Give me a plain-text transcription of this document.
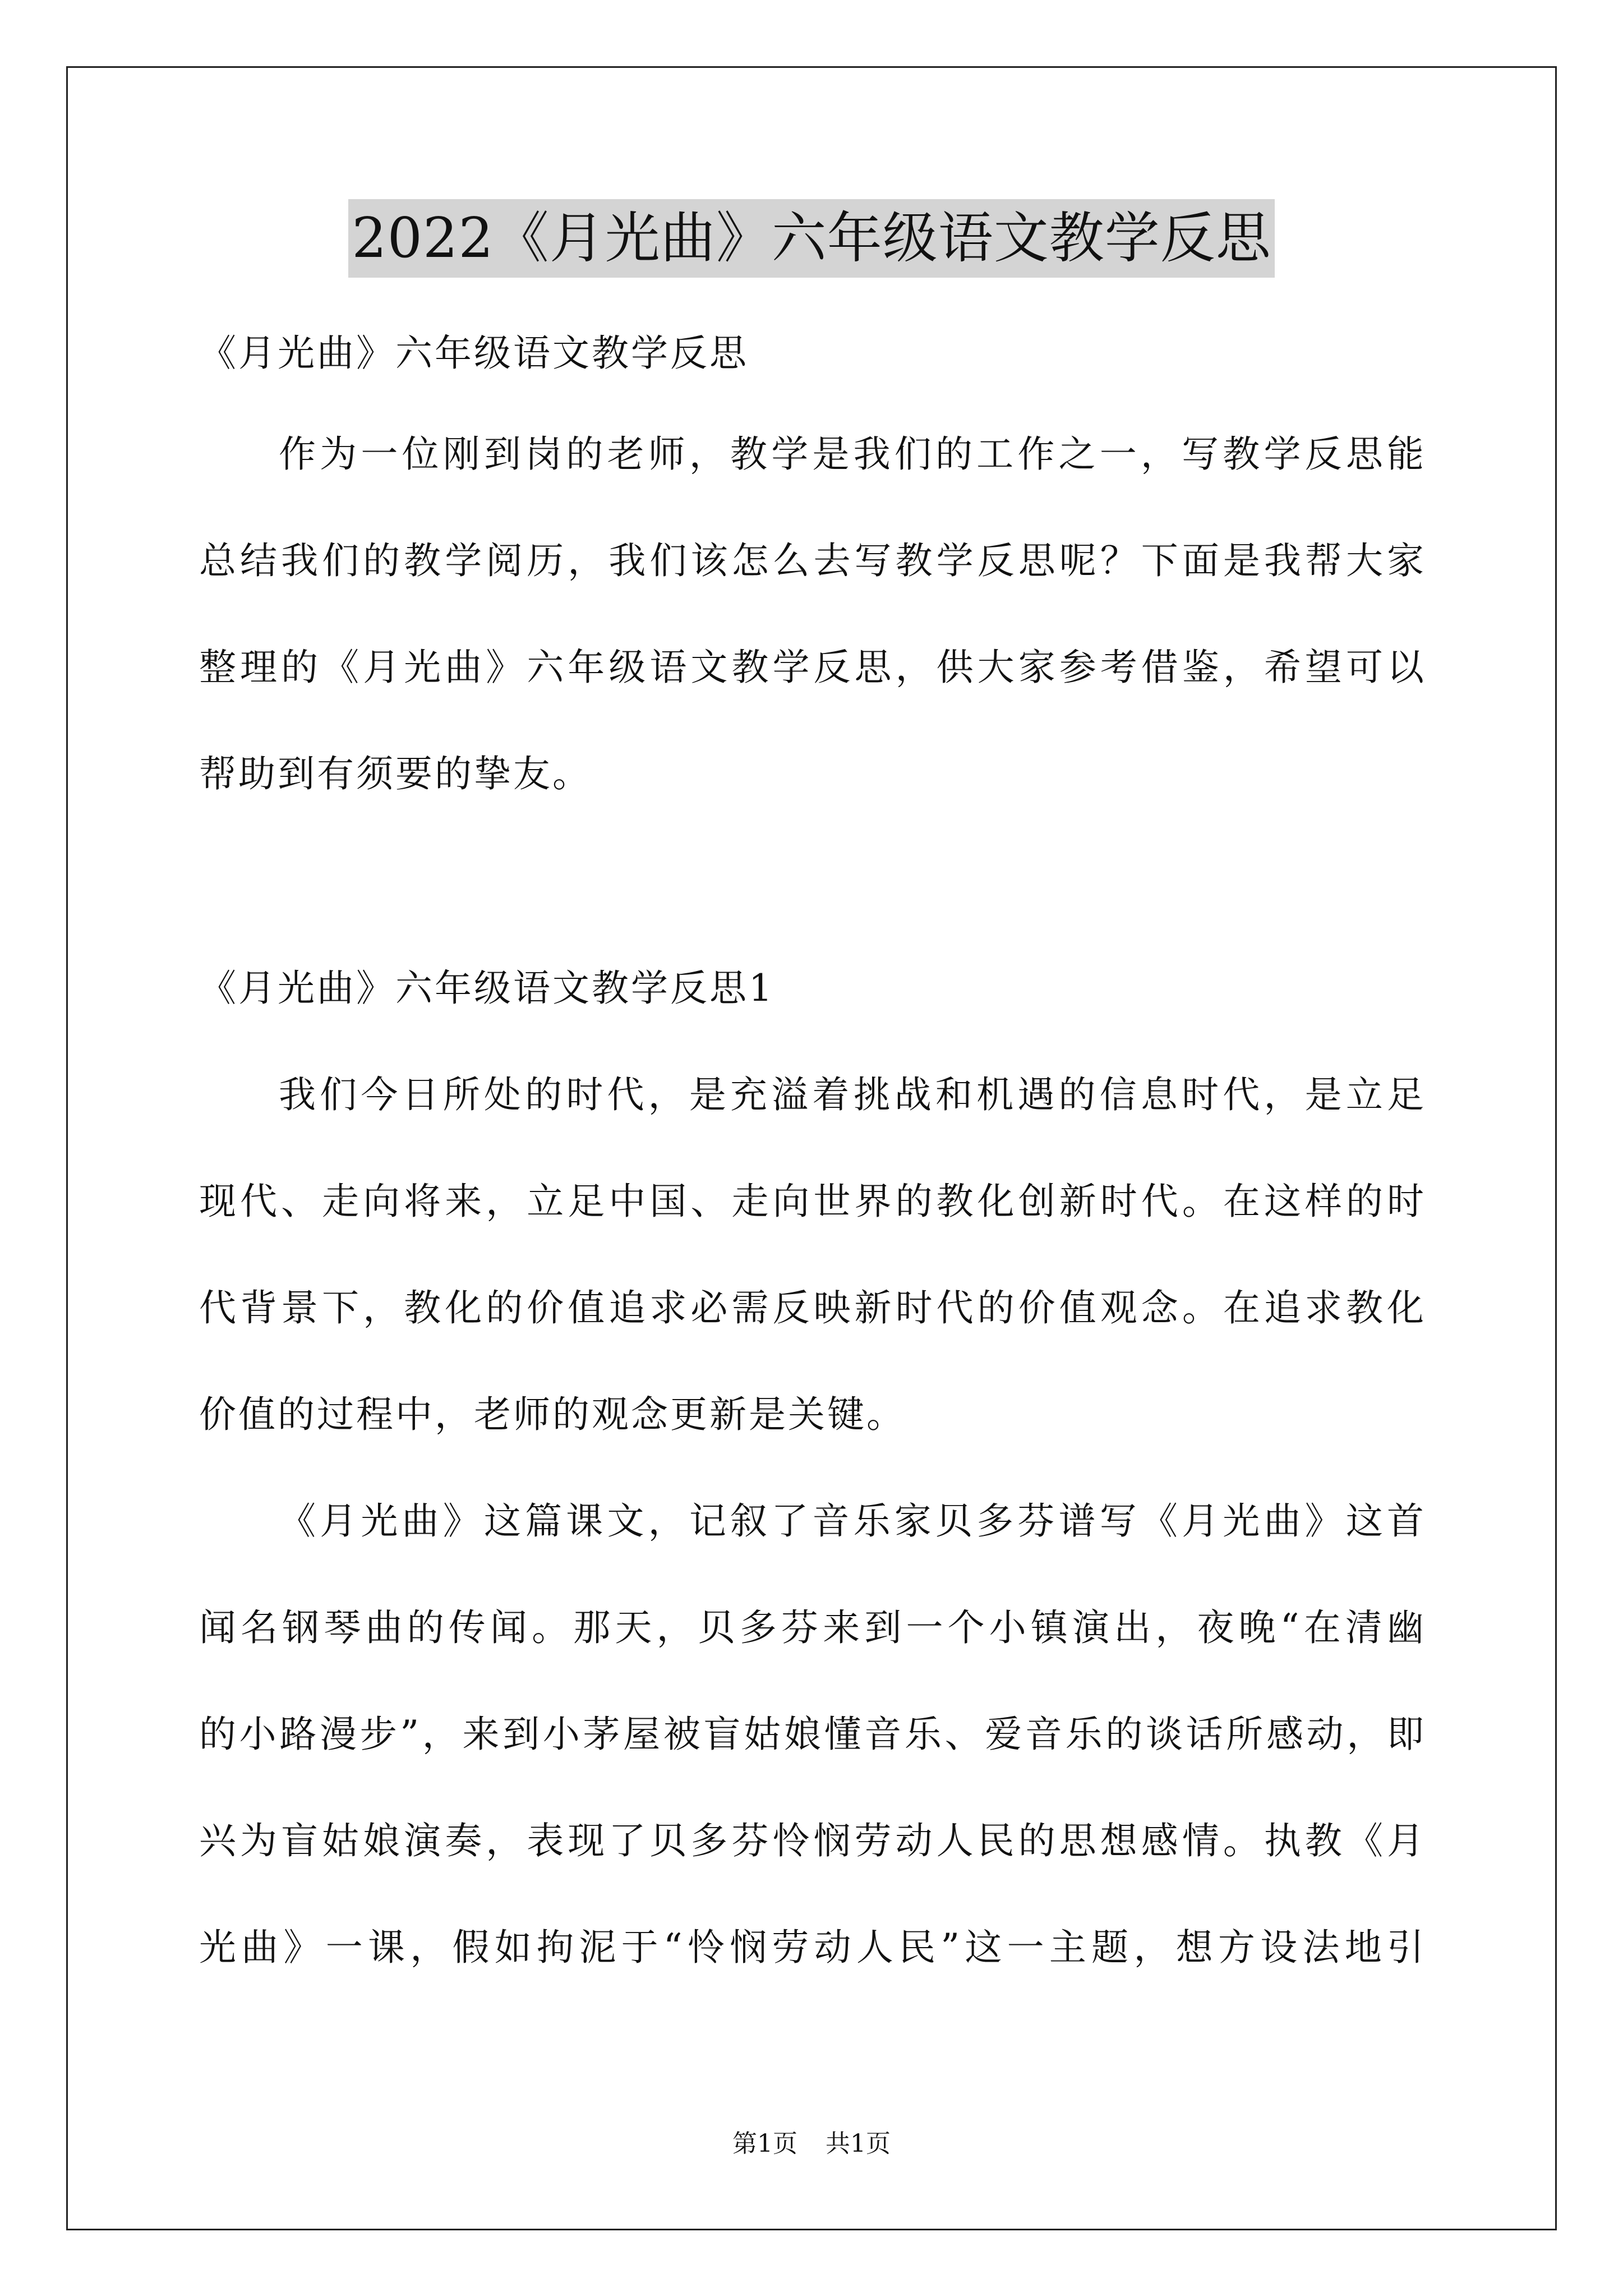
2022《月光曲》六年级语文教学反思
《月光曲》六年级语文教学反思
作为一位刚到岗的老师，教学是我们的工作之一，写教学反思能
总结我们的教学阅历，我们该怎么去写教学反思呢？下面是我帮大家
整理的《月光曲》六年级语文教学反思，供大家参考借鉴，希望可以
帮助到有须要的挚友。
《月光曲》六年级语文教学反思1
我们今日所处的时代，是充溢着挑战和机遇的信息时代，是立足
现代、走向将来，立足中国、走向世界的教化创新时代。在这样的时
代背景下，教化的价值追求必需反映新时代的价值观念。在追求教化
价值的过程中，老师的观念更新是关键。
《月光曲》这篇课文，记叙了音乐家贝多芬谱写《月光曲》这首
闻名钢琴曲的传闻。那天，贝多芬来到一个小镇演出，夜晚“在清幽
的小路漫步”，来到小茅屋被盲姑娘懂音乐、爱音乐的谈话所感动，即
兴为盲姑娘演奏，表现了贝多芬怜悯劳动人民的思想感情。执教《月
光曲》一课，假如拘泥于“怜悯劳动人民”这一主题，想方设法地引
第1页 共1页
